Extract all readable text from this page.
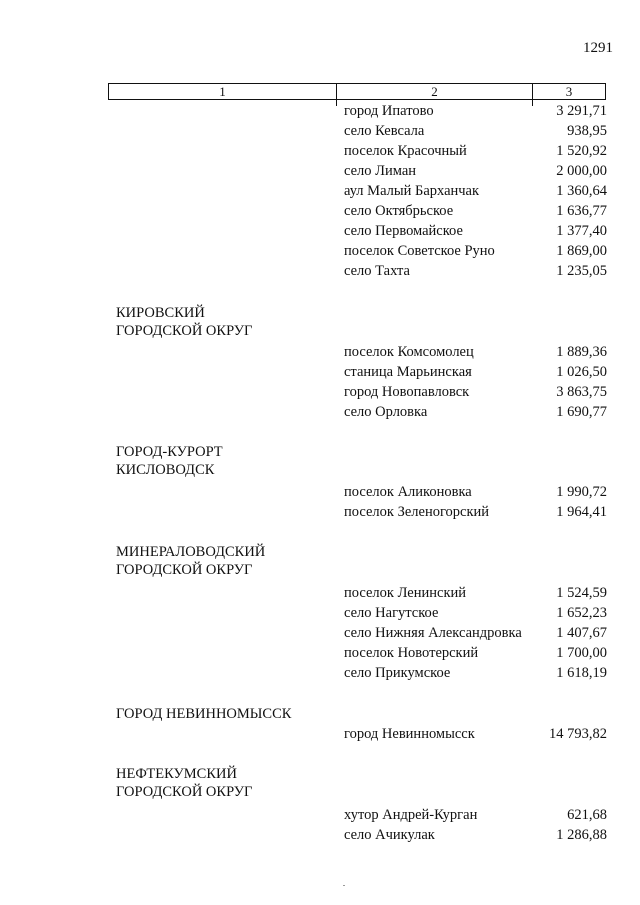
1291
1	2	3
город Ипатово	3 291,71
село Кевсала	938,95
поселок Красочный	1 520,92
село Лиман	2 000,00
аул Малый Барханчак	1 360,64
село Октябрьское	1 636,77
село Первомайское	1 377,40
поселок Советское Руно	1 869,00
село Тахта	1 235,05
КИРОВСКИЙ
ГОРОДСКОЙ ОКРУГ
поселок Комсомолец	1 889,36
станица Марьинская	1 026,50
город Новопавловск	3 863,75
село Орловка	1 690,77
ГОРОД-КУРОРТ
КИСЛОВОДСК
поселок Аликоновка	1 990,72
поселок Зеленогорский	1 964,41
МИНЕРАЛОВОДСКИЙ
ГОРОДСКОЙ ОКРУГ
поселок Ленинский	1 524,59
село Нагутское	1 652,23
село Нижняя Александровка 1 407,67
поселок Новотерский	1 700,00
село Прикумское	1 618,19
ГОРОД НЕВИННОМЫССК
город Невинномысск	14 793,82
НЕФТЕКУМСКИЙ
ГОРОДСКОЙ ОКРУГ
хутор Андрей-Курган	621,68
село Ачикулак	1 286,88
